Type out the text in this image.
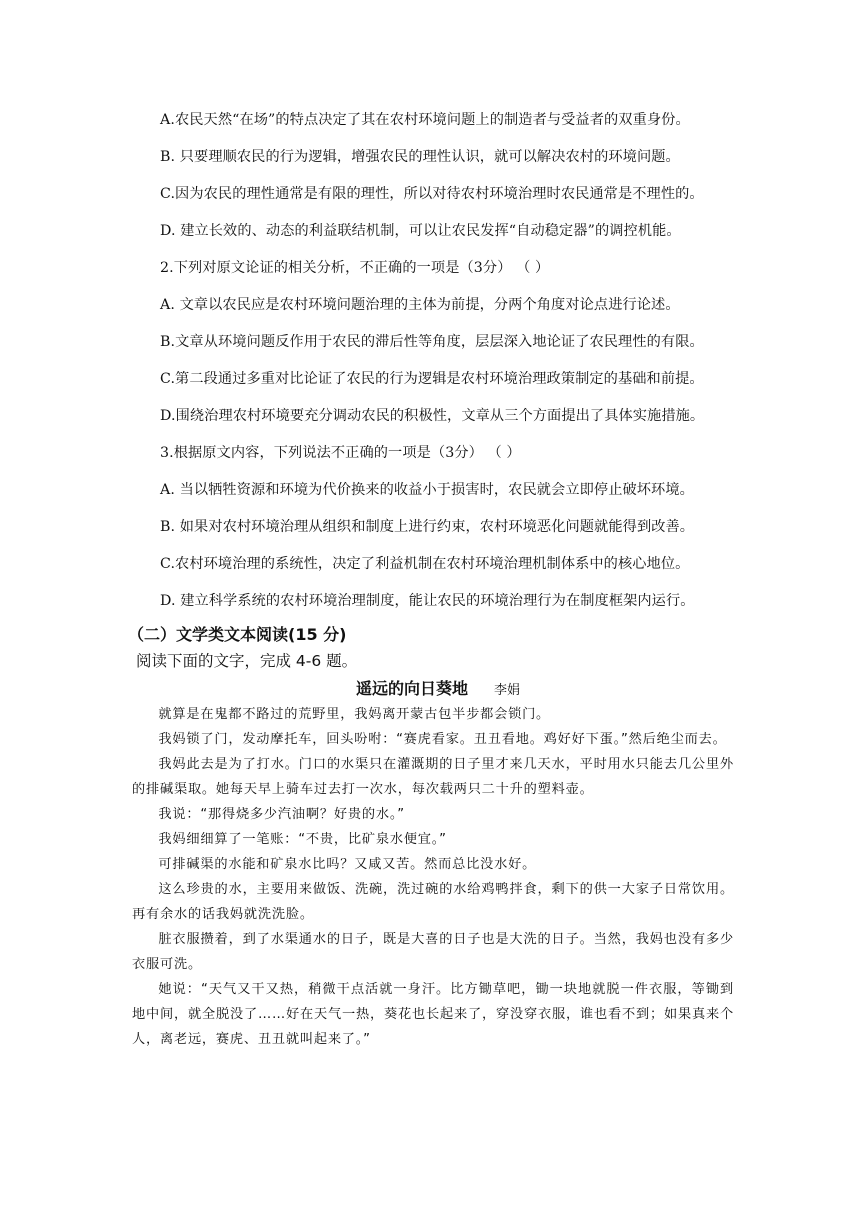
A.农民天然“在场”的特点决定了其在农村环境问题上的制造者与受益者的双重身份。
B. 只要理顺农民的行为逻辑，增强农民的理性认识，就可以解决农村的环境问题。
C.因为农民的理性通常是有限的理性，所以对待农村环境治理时农民通常是不理性的。
D. 建立长效的、动态的利益联结机制，可以让农民发挥“自动稳定器”的调控机能。
2.下列对原文论证的相关分析，不正确的一项是（3分） （ ）
A. 文章以农民应是农村环境问题治理的主体为前提，分两个角度对论点进行论述。
B.文章从环境问题反作用于农民的滞后性等角度，层层深入地论证了农民理性的有限。
C.第二段通过多重对比论证了农民的行为逻辑是农村环境治理政策制定的基础和前提。
D.围绕治理农村环境要充分调动农民的积极性，文章从三个方面提出了具体实施措施。
3.根据原文内容，下列说法不正确的一项是（3分） （ ）
A. 当以牺牲资源和环境为代价换来的收益小于损害时，农民就会立即停止破坏环境。
B. 如果对农村环境治理从组织和制度上进行约束，农村环境恶化问题就能得到改善。
C.农村环境治理的系统性，决定了利益机制在农村环境治理机制体系中的核心地位。
D. 建立科学系统的农村环境治理制度，能让农民的环境治理行为在制度框架内运行。
（二）文学类文本阅读(15 分)
阅读下面的文字，完成 4-6 题。
遥远的向日葵地 李娟

就算是在鬼都不路过的荒野里，我妈离开蒙古包半步都会锁门。

我妈锁了门，发动摩托车，回头吩咐：“赛虎看家。丑丑看地。鸡好好下蛋。”然后绝尘而去。

我妈此去是为了打水。门口的水渠只在灌溉期的日子里才来几天水，平时用水只能去几公里外的排碱渠取。她每天早上骑车过去打一次水，每次载两只二十升的塑料壶。

我说：“那得烧多少汽油啊？好贵的水。”

我妈细细算了一笔账：“不贵，比矿泉水便宜。”

可排碱渠的水能和矿泉水比吗？又咸又苦。然而总比没水好。

这么珍贵的水，主要用来做饭、洗碗，洗过碗的水给鸡鸭拌食，剩下的供一大家子日常饮用。再有余水的话我妈就洗洗脸。

脏衣服攒着，到了水渠通水的日子，既是大喜的日子也是大洗的日子。当然，我妈也没有多少衣服可洗。

她说：“天气又干又热，稍微干点活就一身汗。比方锄草吧，锄一块地就脱一件衣服，等锄到地中间，就全脱没了……好在天气一热，葵花也长起来了，穿没穿衣服，谁也看不到；如果真来个人，离老远，赛虎、丑丑就叫起来了。”
